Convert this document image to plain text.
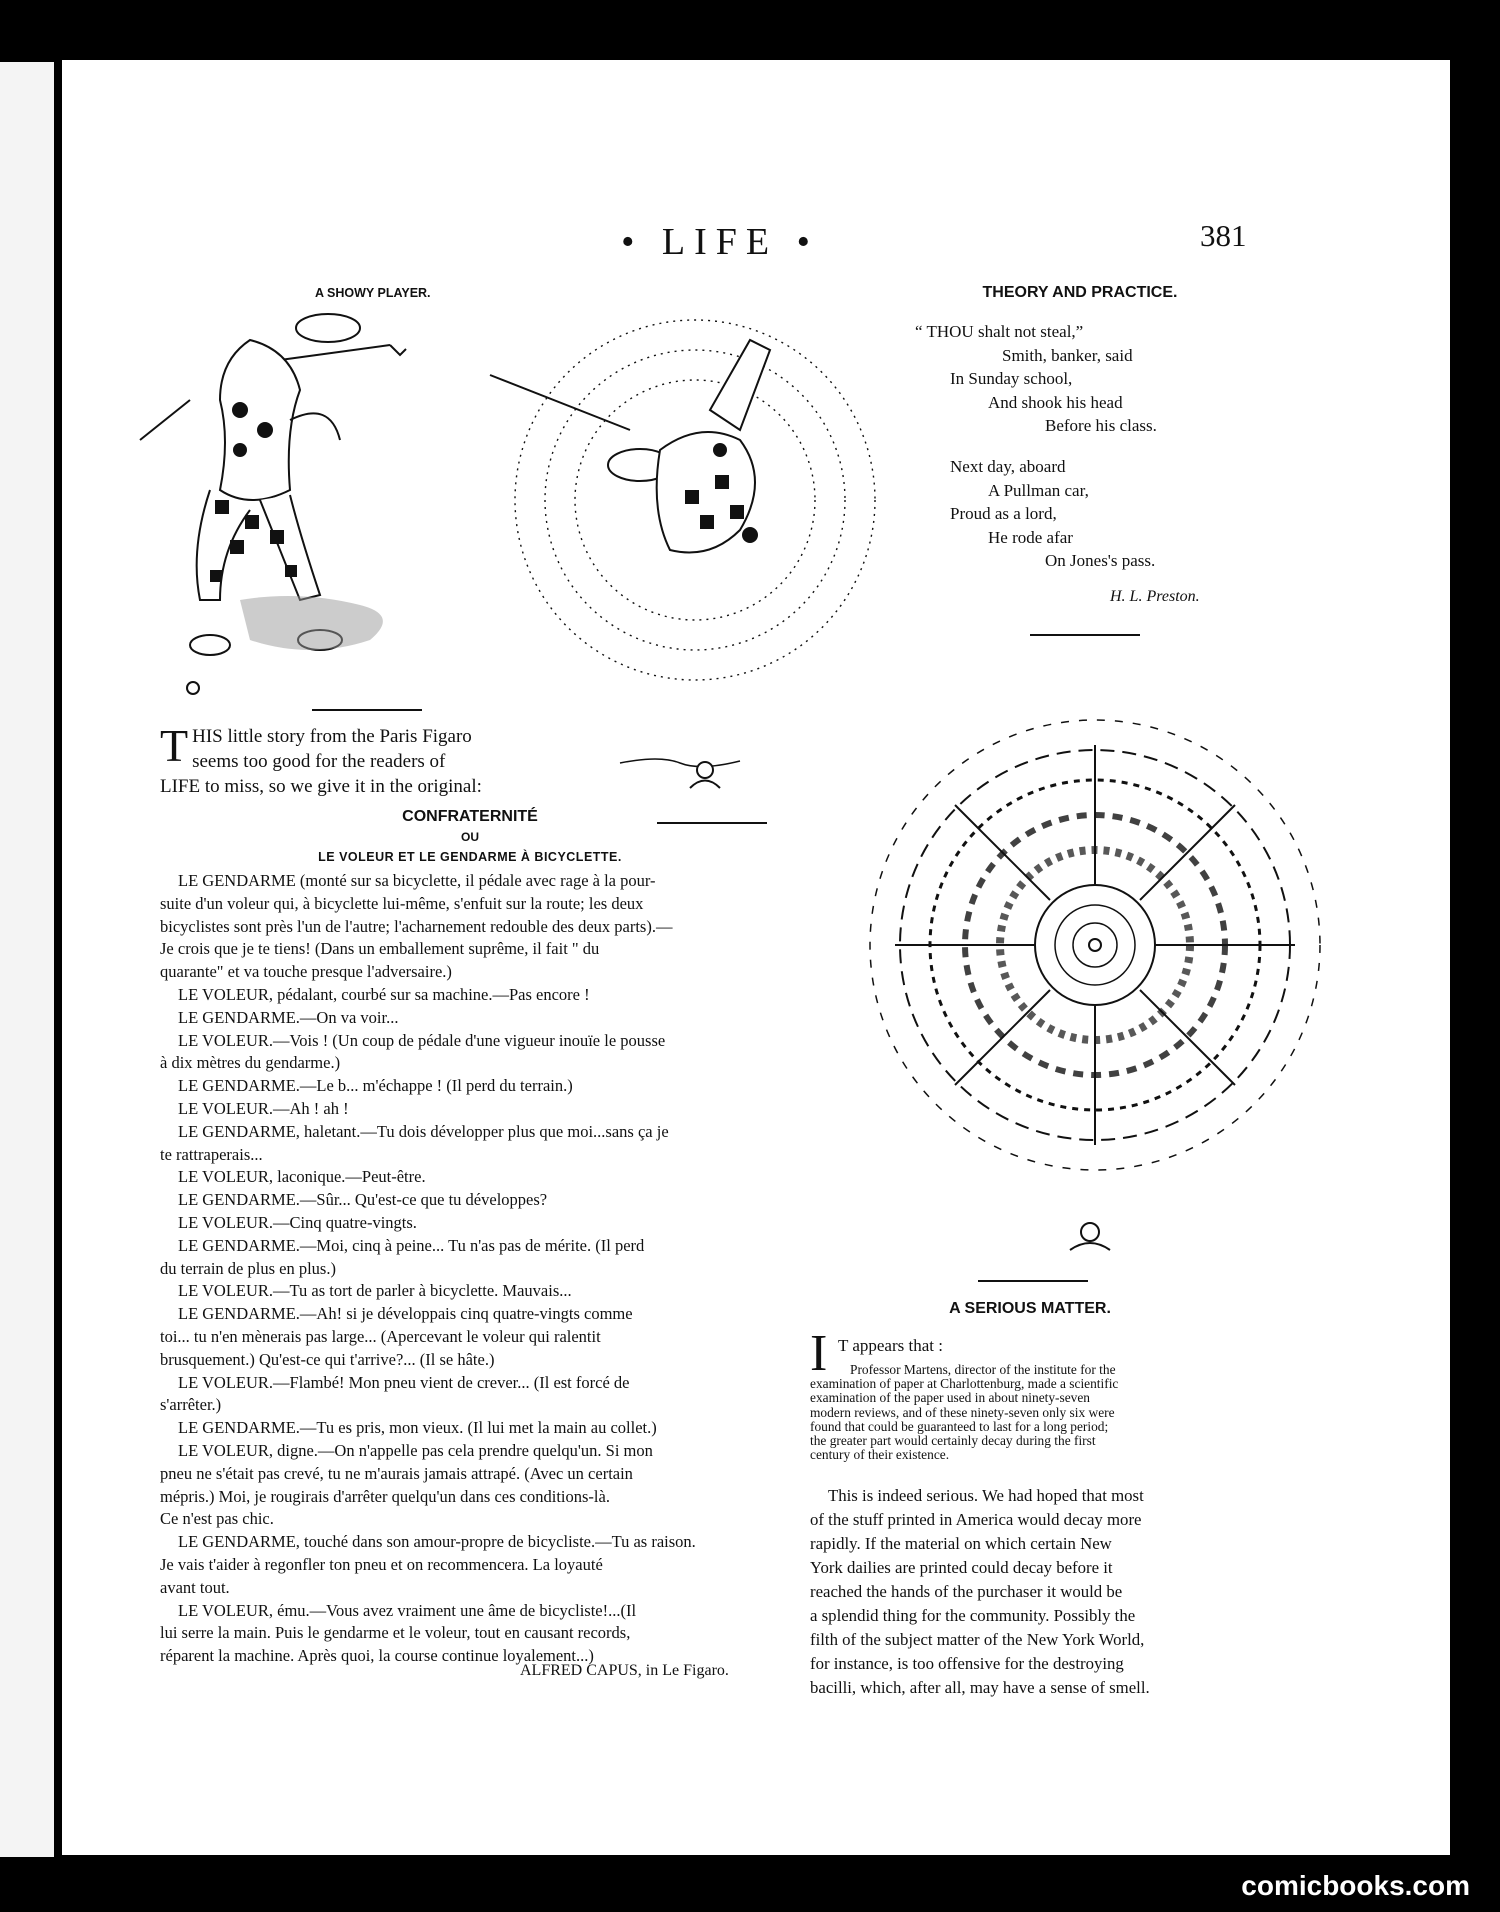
• LIFE •	381
A SHOWY PLAYER.
T HIS little story from the Paris Figaro

seems too good for the readers of

LIFE to miss, so we give it in the original:

CONFRATERNITÉ
OU
LE VOLEUR ET LE GENDARME À BICYCLETTE.

LE GENDARME (monté sur sa bicyclette, il pédale avec rage à la pour-

suite d'un voleur qui, à bicyclette lui-même, s'enfuit sur la route; les deux

bicyclistes sont près l'un de l'autre; l'acharnement redouble des deux parts).—

Je crois que je te tiens! (Dans un emballement suprême, il fait " du

quarante" et va touche presque l'adversaire.)

LE VOLEUR, pédalant, courbé sur sa machine.—Pas encore !

LE GENDARME.—On va voir...

LE VOLEUR.—Vois ! (Un coup de pédale d'une vigueur inouïe le pousse

à dix mètres du gendarme.)

LE GENDARME.—Le b... m'échappe ! (Il perd du terrain.)

LE VOLEUR.—Ah ! ah !

LE GENDARME, haletant.—Tu dois développer plus que moi...sans ça je

te rattraperais...

LE VOLEUR, laconique.—Peut-être.

LE GENDARME.—Sûr... Qu'est-ce que tu développes?

LE VOLEUR.—Cinq quatre-vingts.

LE GENDARME.—Moi, cinq à peine... Tu n'as pas de mérite. (Il perd

du terrain de plus en plus.)

LE VOLEUR.—Tu as tort de parler à bicyclette. Mauvais...

LE GENDARME.—Ah! si je développais cinq quatre-vingts comme

toi... tu n'en mènerais pas large... (Apercevant le voleur qui ralentit

brusquement.) Qu'est-ce qui t'arrive?... (Il se hâte.)

LE VOLEUR.—Flambé! Mon pneu vient de crever... (Il est forcé de

s'arrêter.)

LE GENDARME.—Tu es pris, mon vieux. (Il lui met la main au collet.)

LE VOLEUR, digne.—On n'appelle pas cela prendre quelqu'un. Si mon

pneu ne s'était pas crevé, tu ne m'aurais jamais attrapé. (Avec un certain

mépris.) Moi, je rougirais d'arrêter quelqu'un dans ces conditions-là.

Ce n'est pas chic.

LE GENDARME, touché dans son amour-propre de bicycliste.—Tu as raison.

Je vais t'aider à regonfler ton pneu et on recommencera. La loyauté

avant tout.

LE VOLEUR, ému.—Vous avez vraiment une âme de bicycliste!...(Il

lui serre la main. Puis le gendarme et le voleur, tout en causant records,

réparent la machine. Après quoi, la course continue loyalement...)

ALFRED CAPUS, in Le Figaro.
THEORY AND PRACTICE.
“ THOU shalt not steal,”
Smith, banker, said
In Sunday school,
And shook his head
Before his class.
Next day, aboard
A Pullman car,
Proud as a lord,
He rode afar
On Jones's pass.
H. L. Preston.
A SERIOUS MATTER.
I T appears that :

Professor Martens, director of the institute for the

examination of paper at Charlottenburg, made a scientific

examination of the paper used in about ninety-seven

modern reviews, and of these ninety-seven only six were

found that could be guaranteed to last for a long period;

the greater part would certainly decay during the first

century of their existence.

This is indeed serious. We had hoped that most

of the stuff printed in America would decay more

rapidly. If the material on which certain New

York dailies are printed could decay before it

reached the hands of the purchaser it would be

a splendid thing for the community. Possibly the

filth of the subject matter of the New York World,

for instance, is too offensive for the destroying

bacilli, which, after all, may have a sense of smell.

comicbooks.com
